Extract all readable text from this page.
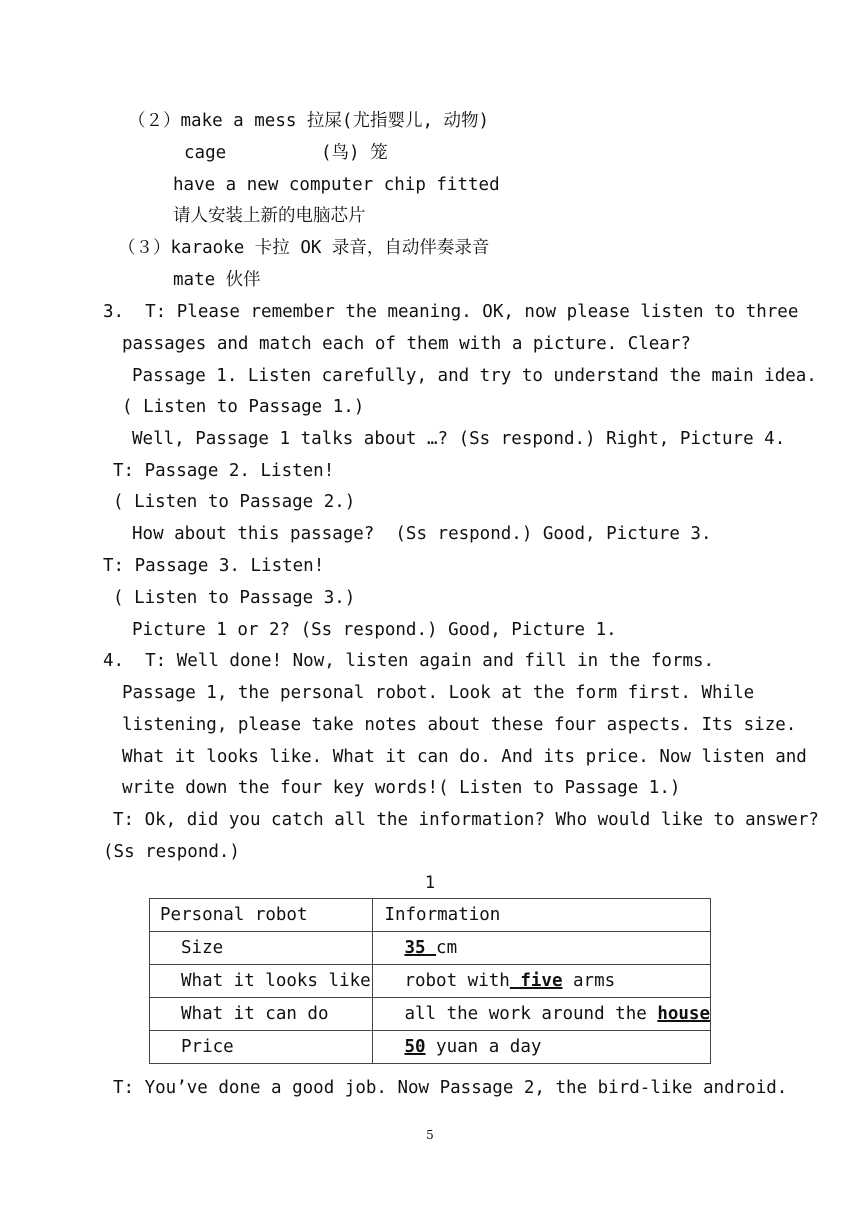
（２）make a mess 拉屎(尤指婴儿, 动物)
cage         (鸟) 笼
have a new computer chip fitted
请人安装上新的电脑芯片
（３）karaoke 卡拉 OK 录音，自动伴奏录音
mate 伙伴
3.  T: Please remember the meaning. OK, now please listen to three
passages and match each of them with a picture. Clear?
Passage 1. Listen carefully, and try to understand the main idea.
( Listen to Passage 1.)
Well, Passage 1 talks about …? (Ss respond.) Right, Picture 4.
T: Passage 2. Listen!
( Listen to Passage 2.)
How about this passage?  (Ss respond.) Good, Picture 3.
T: Passage 3. Listen!
( Listen to Passage 3.)
Picture 1 or 2? (Ss respond.) Good, Picture 1.
4.  T: Well done! Now, listen again and fill in the forms.
Passage 1, the personal robot. Look at the form first. While
listening, please take notes about these four aspects. Its size.
What it looks like. What it can do. And its price. Now listen and
write down the four key words!( Listen to Passage 1.)
T: Ok, did you catch all the information? Who would like to answer?
(Ss respond.)
1
Personal robot	Information
Size	35 cm
What it looks like	robot with five arms
What it can do	all the work around the house
Price	50 yuan a day
T: You’ve done a good job. Now Passage 2, the bird-like android.
5
